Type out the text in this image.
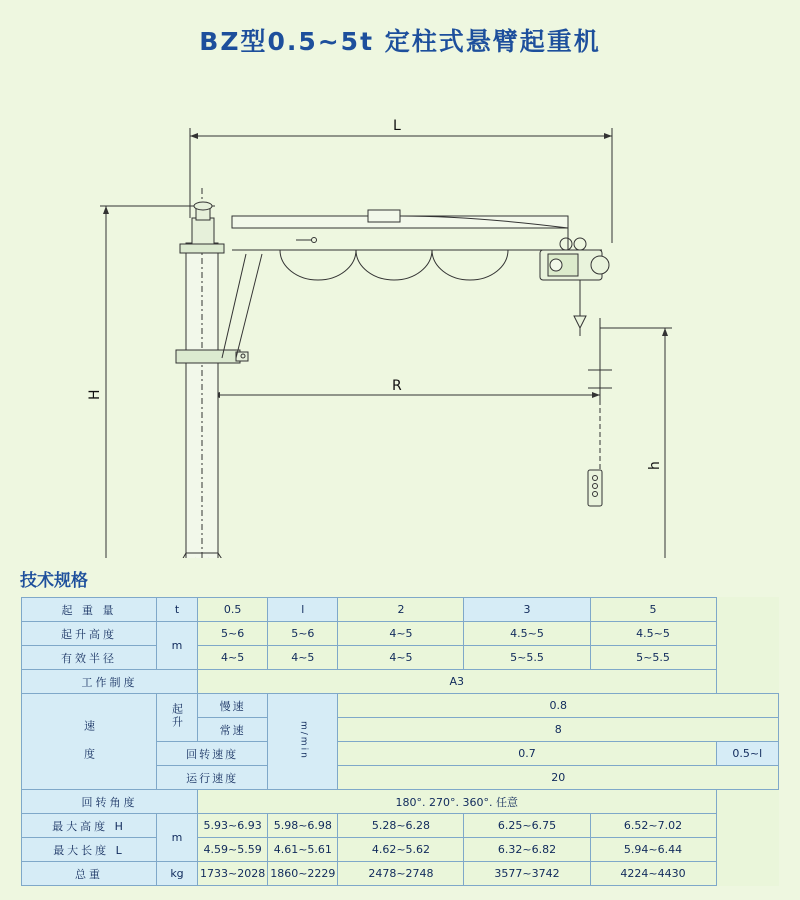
BZ型0.5~5t 定柱式悬臂起重机
L
R
H
h
技术规格
起 重 量	t	0.5	l	2	3	5	
起升高度	m	5~6	5~6	4~5	4.5~5	4.5~5	
有效半径		4~5	4~5	4~5	5~5.5	5~5.5	
工作制度		A3					
速 度	起升	慢速	m/min	0.8			
		常速		8			
	回转速度			0.7			0.5~l
	运行速度			20			
回转角度		180°. 270°. 360°. 任意					
最大高度 H	m	5.93~6.93	5.98~6.98	5.28~6.28	6.25~6.75	6.52~7.02	
最大长度 L		4.59~5.59	4.61~5.61	4.62~5.62	6.32~6.82	5.94~6.44	
总重	kg	1733~2028	1860~2229	2478~2748	3577~3742	4224~4430	
